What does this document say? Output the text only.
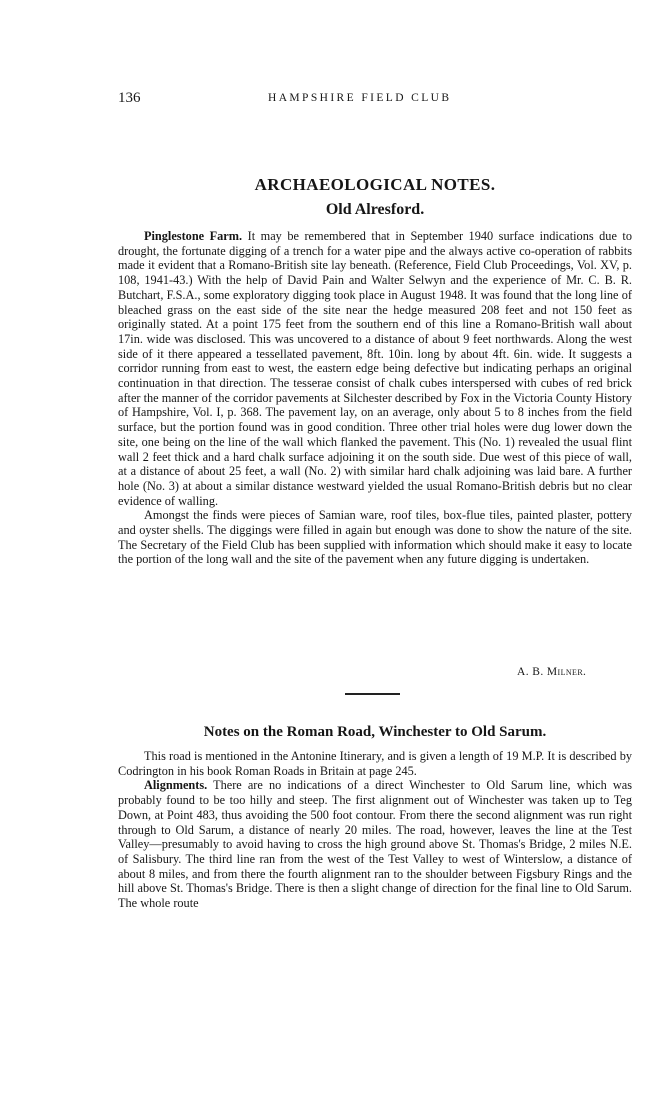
136	HAMPSHIRE FIELD CLUB
ARCHAEOLOGICAL NOTES.
Old Alresford.

Pinglestone Farm. It may be remembered that in September 1940 surface indications due to drought, the fortunate digging of a trench for a water pipe and the always active co-operation of rabbits made it evident that a Romano-British site lay beneath. (Reference, Field Club Proceedings, Vol. XV, p. 108, 1941-43.) With the help of David Pain and Walter Selwyn and the experience of Mr. C. B. R. Butchart, F.S.A., some exploratory digging took place in August 1948. It was found that the long line of bleached grass on the east side of the site near the hedge measured 208 feet and not 150 feet as originally stated. At a point 175 feet from the southern end of this line a Romano-British wall about 17in. wide was disclosed. This was uncovered to a distance of about 9 feet northwards. Along the west side of it there appeared a tessellated pavement, 8ft. 10in. long by about 4ft. 6in. wide. It suggests a corridor running from east to west, the eastern edge being defective but indicating perhaps an original continuation in that direction. The tesserae consist of chalk cubes interspersed with cubes of red brick after the manner of the corridor pavements at Silchester described by Fox in the Victoria County History of Hampshire, Vol. I, p. 368. The pavement lay, on an average, only about 5 to 8 inches from the field surface, but the portion found was in good condition. Three other trial holes were dug lower down the site, one being on the line of the wall which flanked the pavement. This (No. 1) revealed the usual flint wall 2 feet thick and a hard chalk surface adjoining it on the south side. Due west of this piece of wall, at a distance of about 25 feet, a wall (No. 2) with similar hard chalk adjoining was laid bare. A further hole (No. 3) at about a similar distance westward yielded the usual Romano-British debris but no clear evidence of walling.

Amongst the finds were pieces of Samian ware, roof tiles, box-flue tiles, painted plaster, pottery and oyster shells. The diggings were filled in again but enough was done to show the nature of the site. The Secretary of the Field Club has been supplied with information which should make it easy to locate the portion of the long wall and the site of the pavement when any future digging is undertaken.

A. B. Milner.
Notes on the Roman Road, Winchester to Old Sarum.

This road is mentioned in the Antonine Itinerary, and is given a length of 19 M.P. It is described by Codrington in his book Roman Roads in Britain at page 245.

Alignments. There are no indications of a direct Winchester to Old Sarum line, which was probably found to be too hilly and steep. The first alignment out of Winchester was taken up to Teg Down, at Point 483, thus avoiding the 500 foot contour. From there the second alignment was run right through to Old Sarum, a distance of nearly 20 miles. The road, however, leaves the line at the Test Valley—presumably to avoid having to cross the high ground above St. Thomas's Bridge, 2 miles N.E. of Salisbury. The third line ran from the west of the Test Valley to west of Winterslow, a distance of about 8 miles, and from there the fourth alignment ran to the shoulder between Figsbury Rings and the hill above St. Thomas's Bridge. There is then a slight change of direction for the final line to Old Sarum. The whole route
